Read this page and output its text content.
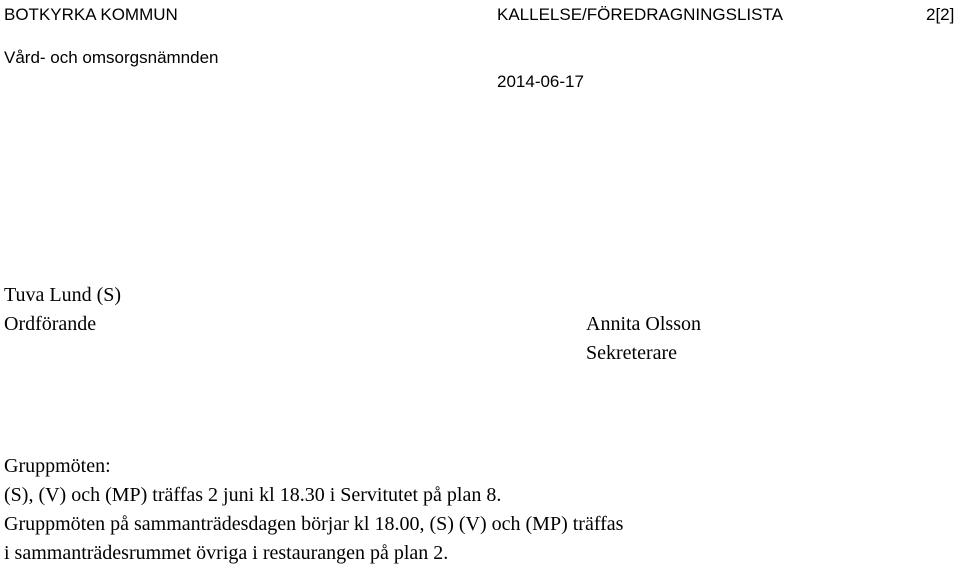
BOTKYRKA KOMMUN	KALLELSE/FÖREDRAGNINGSLISTA	2[2]
Vård- och omsorgsnämnden
2014-06-17
Tuva Lund (S)
Ordförande	Annita Olsson
Sekreterare
Gruppmöten:
(S), (V) och (MP) träffas 2 juni kl 18.30 i Servitutet på plan 8.
Gruppmöten på sammanträdesdagen börjar kl 18.00, (S) (V) och (MP) träffas
i sammanträdesrummet övriga i restaurangen på plan 2.
